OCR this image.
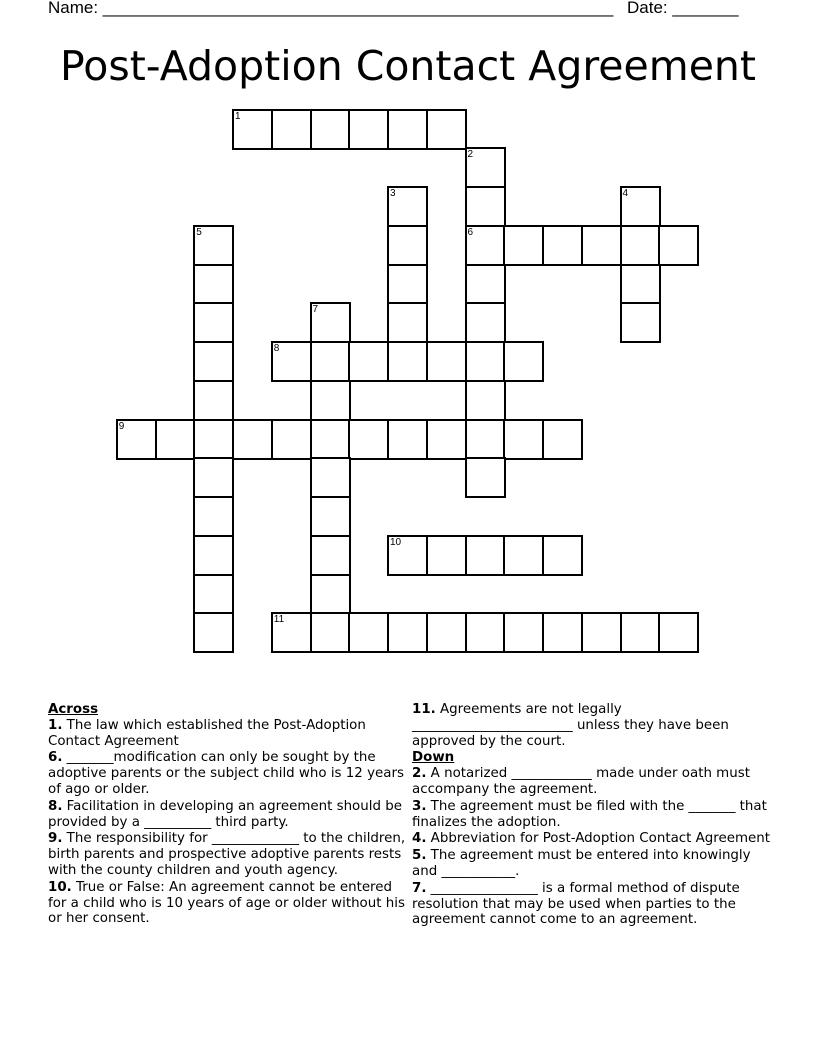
Name: ______________________________________________________ Date: _______
Post-Adoption Contact Agreement
1
2
3	4
5	6
7
8
9
10
11
Across
1. The law which established the Post-Adoption Contact Agreement
6. _______modification can only be sought by the adoptive parents or the subject child who is 12 years of ago or older.
8. Facilitation in developing an agreement should be provided by a __________ third party.
9. The responsibility for _____________ to the children, birth parents and prospective adoptive parents rests with the county children and youth agency.
10. True or False: An agreement cannot be entered for a child who is 10 years of age or older without his or her consent.
11. Agreements are not legally ________________________ unless they have been approved by the court.
Down
2. A notarized ____________ made under oath must accompany the agreement.
3. The agreement must be filed with the _______ that finalizes the adoption.
4. Abbreviation for Post-Adoption Contact Agreement
5. The agreement must be entered into knowingly and ___________.
7. ________________ is a formal method of dispute resolution that may be used when parties to the agreement cannot come to an agreement.
